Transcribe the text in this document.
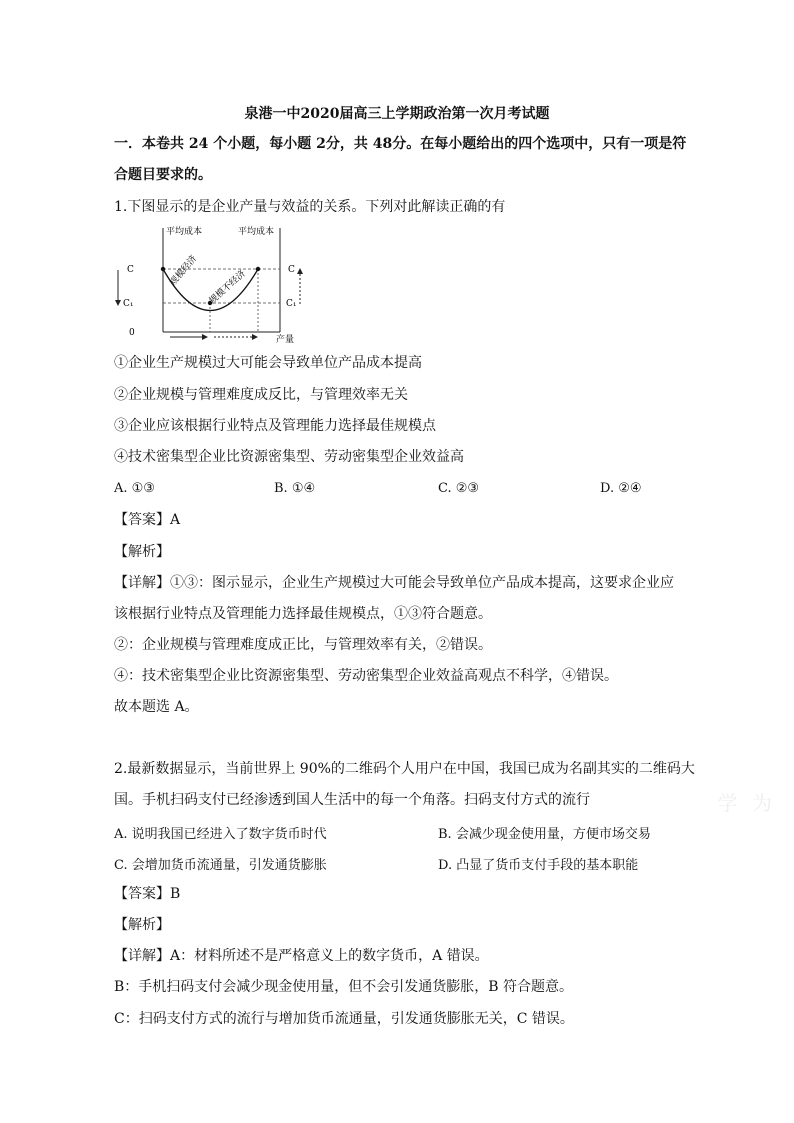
泉港一中2020届高三上学期政治第一次月考试题
一．本卷共 24 个小题，每小题 2分，共 48分。在每小题给出的四个选项中，只有一项是符
合题目要求的。
1.下图显示的是企业产量与效益的关系。下列对此解读正确的有
平均成本	平均成本
C
C₁
C
C₁
0
产量
规模经济 规模不经济
①企业生产规模过大可能会导致单位产品成本提高
②企业规模与管理难度成反比，与管理效率无关
③企业应该根据行业特点及管理能力选择最佳规模点
④技术密集型企业比资源密集型、劳动密集型企业效益高
A. ①③	B. ①④	C. ②③	D. ②④
【答案】A
【解析】
【详解】①③：图示显示，企业生产规模过大可能会导致单位产品成本提高，这要求企业应
该根据行业特点及管理能力选择最佳规模点，①③符合题意。
②：企业规模与管理难度成正比，与管理效率有关，②错误。
④：技术密集型企业比资源密集型、劳动密集型企业效益高观点不科学，④错误。
故本题选 A。
2.最新数据显示，当前世界上 90%的二维码个人用户在中国，我国已成为名副其实的二维码大
国。手机扫码支付已经渗透到国人生活中的每一个角落。扫码支付方式的流行
A. 说明我国已经进入了数字货币时代	B. 会减少现金使用量，方便市场交易
C. 会增加货币流通量，引发通货膨胀	D. 凸显了货币支付手段的基本职能
【答案】B
【解析】
【详解】A：材料所述不是严格意义上的数字货币，A 错误。
B：手机扫码支付会减少现金使用量，但不会引发通货膨胀，B 符合题意。
C：扫码支付方式的流行与增加货币流通量，引发通货膨胀无关，C 错误。
学 为
